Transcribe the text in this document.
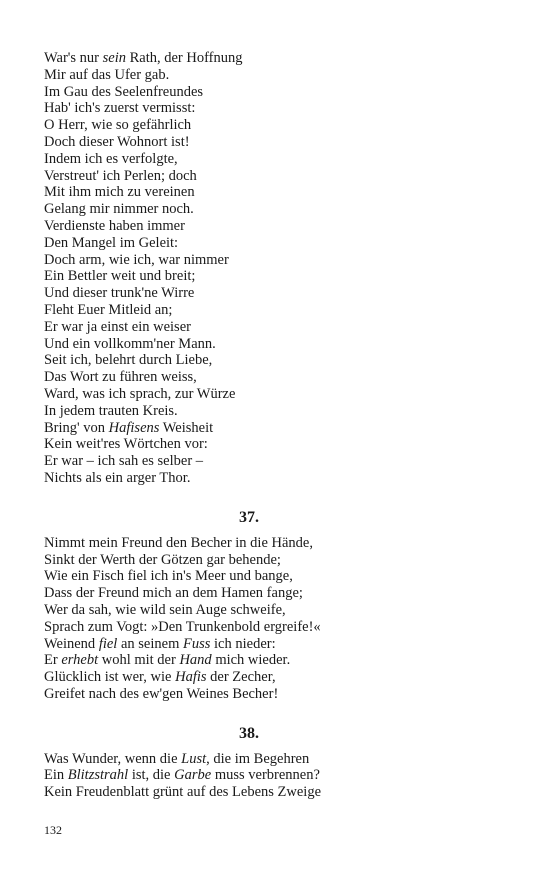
War's nur sein Rath, der Hoffnung
Mir auf das Ufer gab.
Im Gau des Seelenfreundes
Hab' ich's zuerst vermisst:
O Herr, wie so gefährlich
Doch dieser Wohnort ist!
Indem ich es verfolgte,
Verstreut' ich Perlen; doch
Mit ihm mich zu vereinen
Gelang mir nimmer noch.
Verdienste haben immer
Den Mangel im Geleit:
Doch arm, wie ich, war nimmer
Ein Bettler weit und breit;
Und dieser trunk'ne Wirre
Fleht Euer Mitleid an;
Er war ja einst ein weiser
Und ein vollkomm'ner Mann.
Seit ich, belehrt durch Liebe,
Das Wort zu führen weiss,
Ward, was ich sprach, zur Würze
In jedem trauten Kreis.
Bring' von Hafisens Weisheit
Kein weit'res Wörtchen vor:
Er war – ich sah es selber –
Nichts als ein arger Thor.
37.
Nimmt mein Freund den Becher in die Hände,
Sinkt der Werth der Götzen gar behende;
Wie ein Fisch fiel ich in's Meer und bange,
Dass der Freund mich an dem Hamen fange;
Wer da sah, wie wild sein Auge schweife,
Sprach zum Vogt: »Den Trunkenbold ergreife!«
Weinend fiel an seinem Fuss ich nieder:
Er erhebt wohl mit der Hand mich wieder.
Glücklich ist wer, wie Hafis der Zecher,
Greifet nach des ew'gen Weines Becher!
38.
Was Wunder, wenn die Lust, die im Begehren
Ein Blitzstrahl ist, die Garbe muss verbrennen?
Kein Freudenblatt grünt auf des Lebens Zweige
132
